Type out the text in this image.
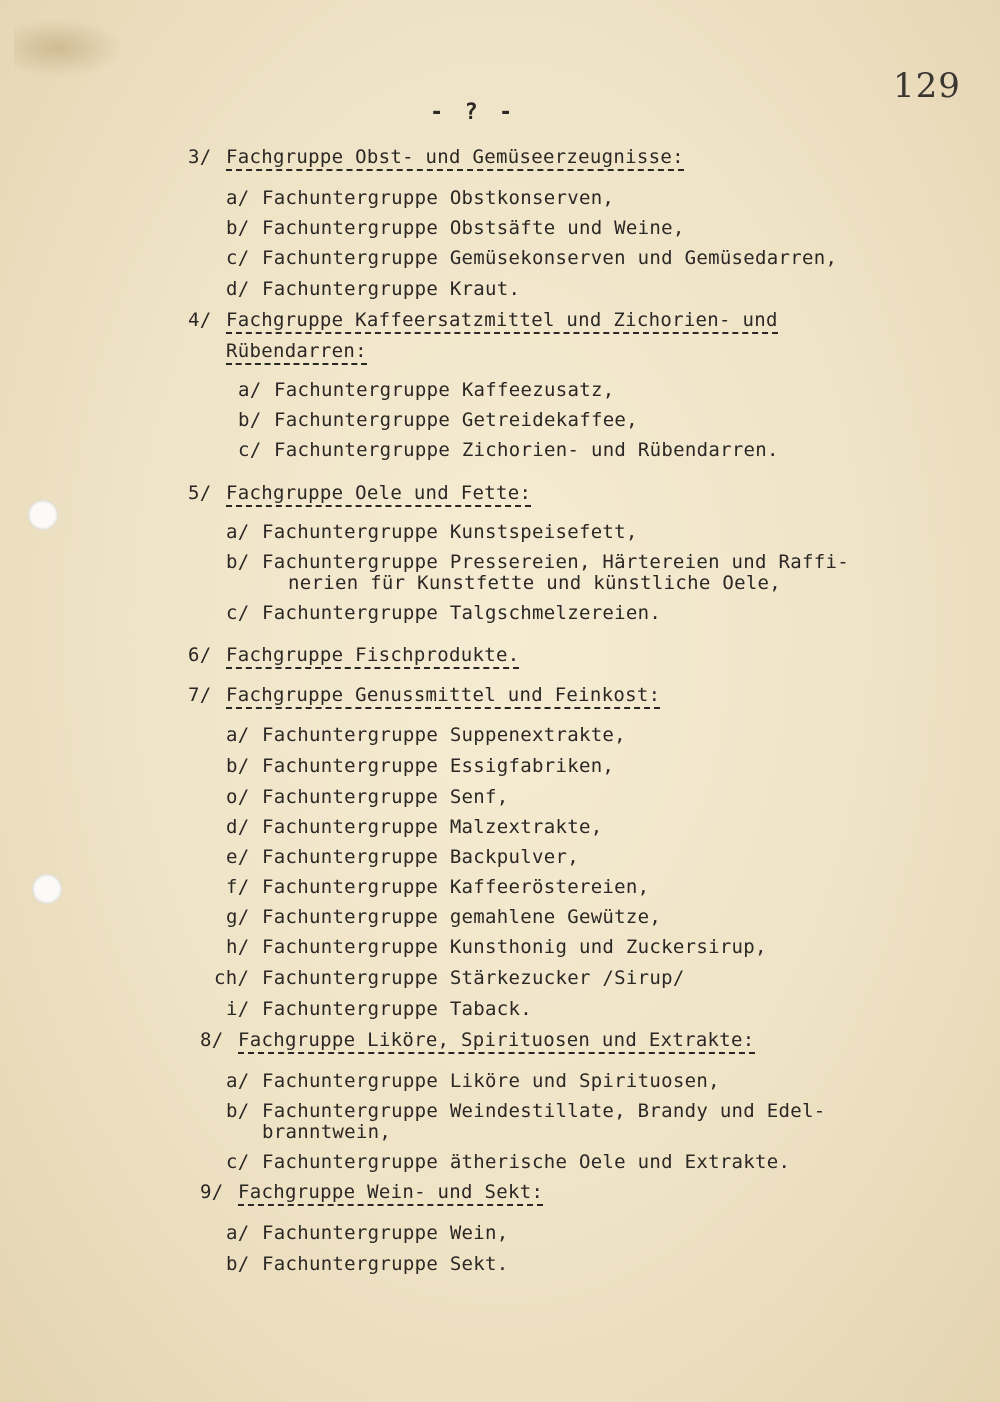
129
- ? -
3/ Fachgruppe Obst- und Gemüseerzeugnisse:
a/ Fachuntergruppe Obstkonserven,
b/ Fachuntergruppe Obstsäfte und Weine,
c/ Fachuntergruppe Gemüsekonserven und Gemüsedarren,
d/ Fachuntergruppe Kraut.
4/ Fachgruppe Kaffeersatzmittel und Zichorien- und
Rübendarren:
a/ Fachuntergruppe Kaffeezusatz,
b/ Fachuntergruppe Getreidekaffee,
c/ Fachuntergruppe Zichorien- und Rübendarren.
5/ Fachgruppe Oele und Fette:
a/ Fachuntergruppe Kunstspeisefett,
b/ Fachuntergruppe Pressereien, Härtereien und Raffi-
nerien für Kunstfette und künstliche Oele,
c/ Fachuntergruppe Talgschmelzereien.
6/ Fachgruppe Fischprodukte.
7/ Fachgruppe Genussmittel und Feinkost:
a/ Fachuntergruppe Suppenextrakte,
b/ Fachuntergruppe Essigfabriken,
o/ Fachuntergruppe Senf,
d/ Fachuntergruppe Malzextrakte,
e/ Fachuntergruppe Backpulver,
f/ Fachuntergruppe Kaffeeröstereien,
g/ Fachuntergruppe gemahlene Gewütze,
h/ Fachuntergruppe Kunsthonig und Zuckersirup,
ch/ Fachuntergruppe Stärkezucker /Sirup/
i/ Fachuntergruppe Taback.
8/ Fachgruppe Liköre, Spirituosen und Extrakte:
a/ Fachuntergruppe Liköre und Spirituosen,
b/ Fachuntergruppe Weindestillate, Brandy und Edel-
branntwein,
c/ Fachuntergruppe ätherische Oele und Extrakte.
9/ Fachgruppe Wein- und Sekt:
a/ Fachuntergruppe Wein,
b/ Fachuntergruppe Sekt.
